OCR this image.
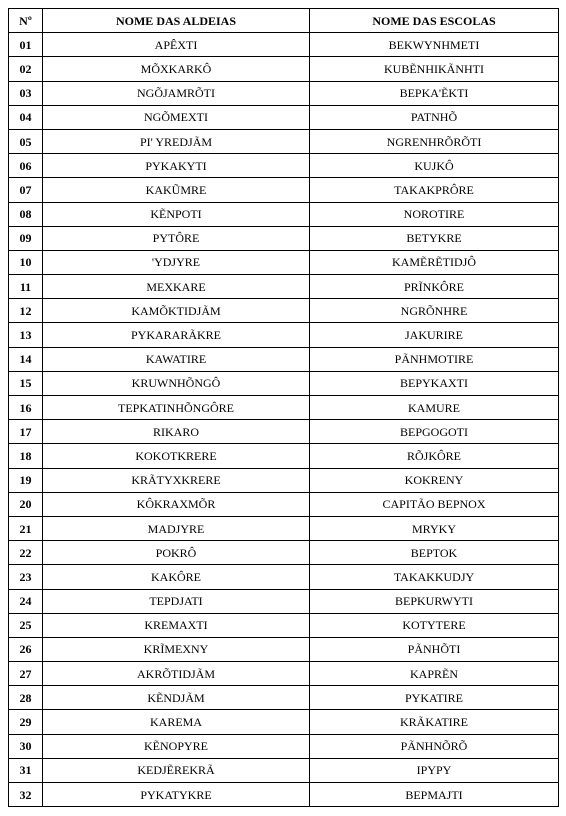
Nº	NOME DAS ALDEIAS	NOME DAS ESCOLAS
01	APÊXTI	BEKWYNHMETI
02	MÕXKARKÔ	KUBẼNHIKÃNHTI
03	NGÕJAMRÕTI	BEPKA'ẼKTI
04	NGÕMEXTI	PATNHÕ
05	PI' YREDJÃM	NGRENHRÕRÕTI
06	PYKAKYTI	KUJKÔ
07	KAKŨMRE	TAKAKPRÔRE
08	KẼNPOTI	NOROTIRE
09	PYTÔRE	BETYKRE
10	'YDJYRE	KAMẼRẼTIDJÔ
11	MEXKARE	PRĨNKÔRE
12	KAMÕKTIDJÃM	NGRÕNHRE
13	PYKARARÃKRE	JAKURIRE
14	KAWATIRE	PÃNHMOTIRE
15	KRUWNHÕNGÔ	BEPYKAXTI
16	TEPKATINHÕNGÔRE	KAMURE
17	RIKARO	BEPGOGOTI
18	KOKOTKRERE	RÕJKÔRE
19	KRÃTYXKRERE	KOKRENY
20	KÔKRAXMÕR	CAPITÃO BEPNOX
21	MADJYRE	MRYKY
22	POKRÔ	BEPTOK
23	KAKÔRE	TAKAKKUDJY
24	TEPDJATI	BEPKURWYTI
25	KREMAXTI	KOTYTERE
26	KRĨMEXNY	PÃNHÕTI
27	AKRÕTIDJÃM	KAPRẼN
28	KẼNDJÃM	PYKATIRE
29	KAREMA	KRÃKATIRE
30	KẼNOPYRE	PÃNHNÕRÕ
31	KEDJẼREKRÃ	IPYPY
32	PYKATYKRE	BEPMAJTI
